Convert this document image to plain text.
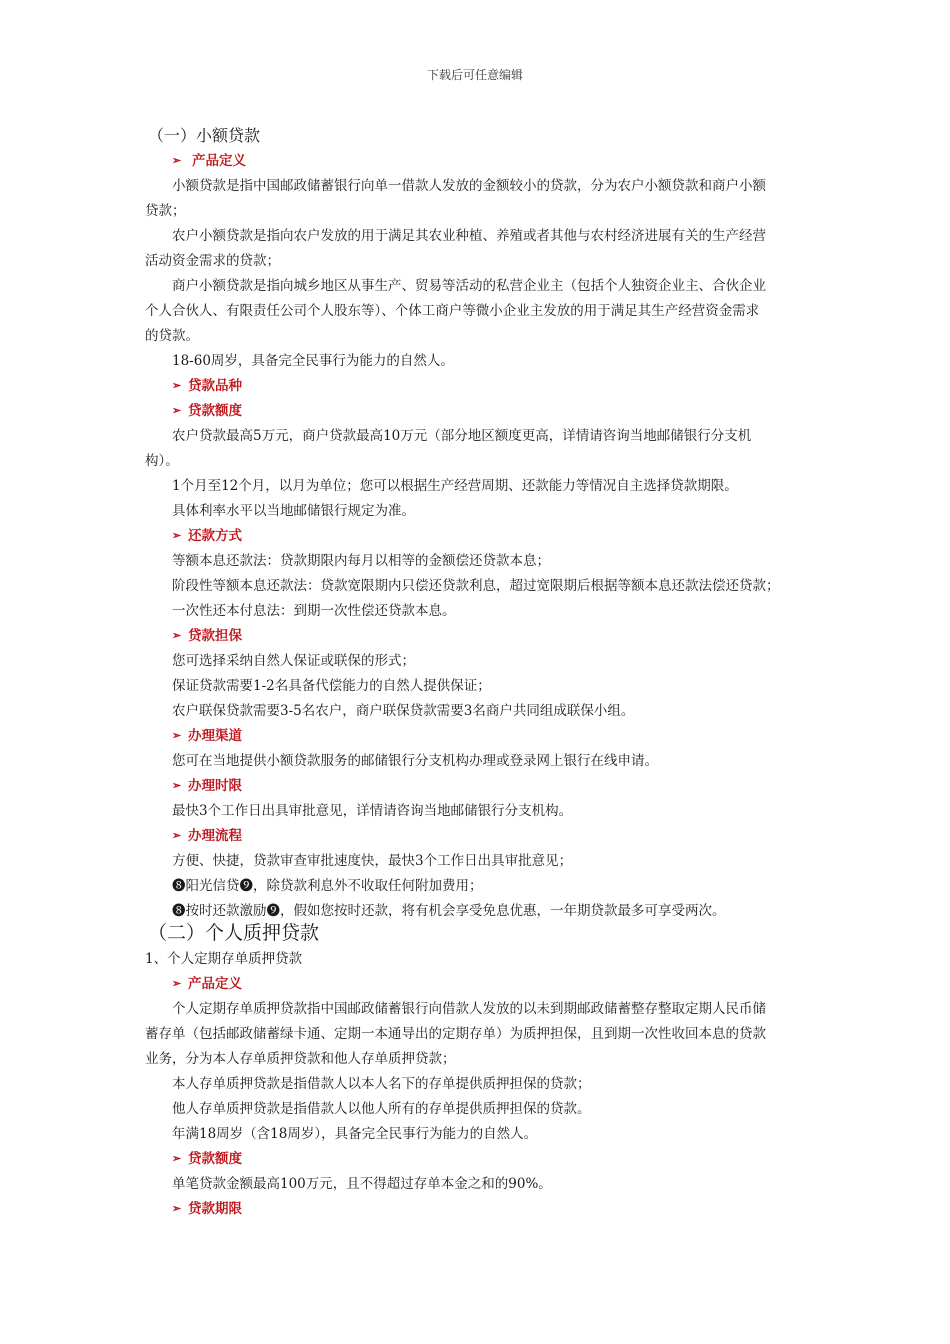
下载后可任意编辑
（一）小额贷款
➢ 产品定义
小额贷款是指中国邮政储蓄银行向单一借款人发放的金额较小的贷款，分为农户小额贷款和商户小额
贷款；
农户小额贷款是指向农户发放的用于满足其农业种植、养殖或者其他与农村经济进展有关的生产经营
活动资金需求的贷款；
商户小额贷款是指向城乡地区从事生产、贸易等活动的私营企业主（包括个人独资企业主、合伙企业
个人合伙人、有限责任公司个人股东等）、个体工商户等微小企业主发放的用于满足其生产经营资金需求
的贷款。
18-60周岁，具备完全民事行为能力的自然人。
➢ 贷款品种
➢ 贷款额度
农户贷款最高5万元，商户贷款最高10万元（部分地区额度更高，详情请咨询当地邮储银行分支机
构）。
1个月至12个月，以月为单位；您可以根据生产经营周期、还款能力等情况自主选择贷款期限。
具体利率水平以当地邮储银行规定为准。
➢ 还款方式
等额本息还款法：贷款期限内每月以相等的金额偿还贷款本息；
阶段性等额本息还款法：贷款宽限期内只偿还贷款利息，超过宽限期后根据等额本息还款法偿还贷款；
一次性还本付息法：到期一次性偿还贷款本息。
➢ 贷款担保
您可选择采纳自然人保证或联保的形式；
保证贷款需要1-2名具备代偿能力的自然人提供保证；
农户联保贷款需要3-5名农户，商户联保贷款需要3名商户共同组成联保小组。
➢ 办理渠道
您可在当地提供小额贷款服务的邮储银行分支机构办理或登录网上银行在线申请。
➢ 办理时限
最快3个工作日出具审批意见，详情请咨询当地邮储银行分支机构。
➢ 办理流程
方便、快捷，贷款审查审批速度快，最快3个工作日出具审批意见；
❽阳光信贷❾，除贷款利息外不收取任何附加费用；
❽按时还款激励❾，假如您按时还款，将有机会享受免息优惠，一年期贷款最多可享受两次。
（二）个人质押贷款
1、个人定期存单质押贷款
➢ 产品定义
个人定期存单质押贷款指中国邮政储蓄银行向借款人发放的以未到期邮政储蓄整存整取定期人民币储
蓄存单（包括邮政储蓄绿卡通、定期一本通导出的定期存单）为质押担保，且到期一次性收回本息的贷款
业务，分为本人存单质押贷款和他人存单质押贷款；
本人存单质押贷款是指借款人以本人名下的存单提供质押担保的贷款；
他人存单质押贷款是指借款人以他人所有的存单提供质押担保的贷款。
年满18周岁（含18周岁），具备完全民事行为能力的自然人。
➢ 贷款额度
单笔贷款金额最高100万元，且不得超过存单本金之和的90%。
➢ 贷款期限
